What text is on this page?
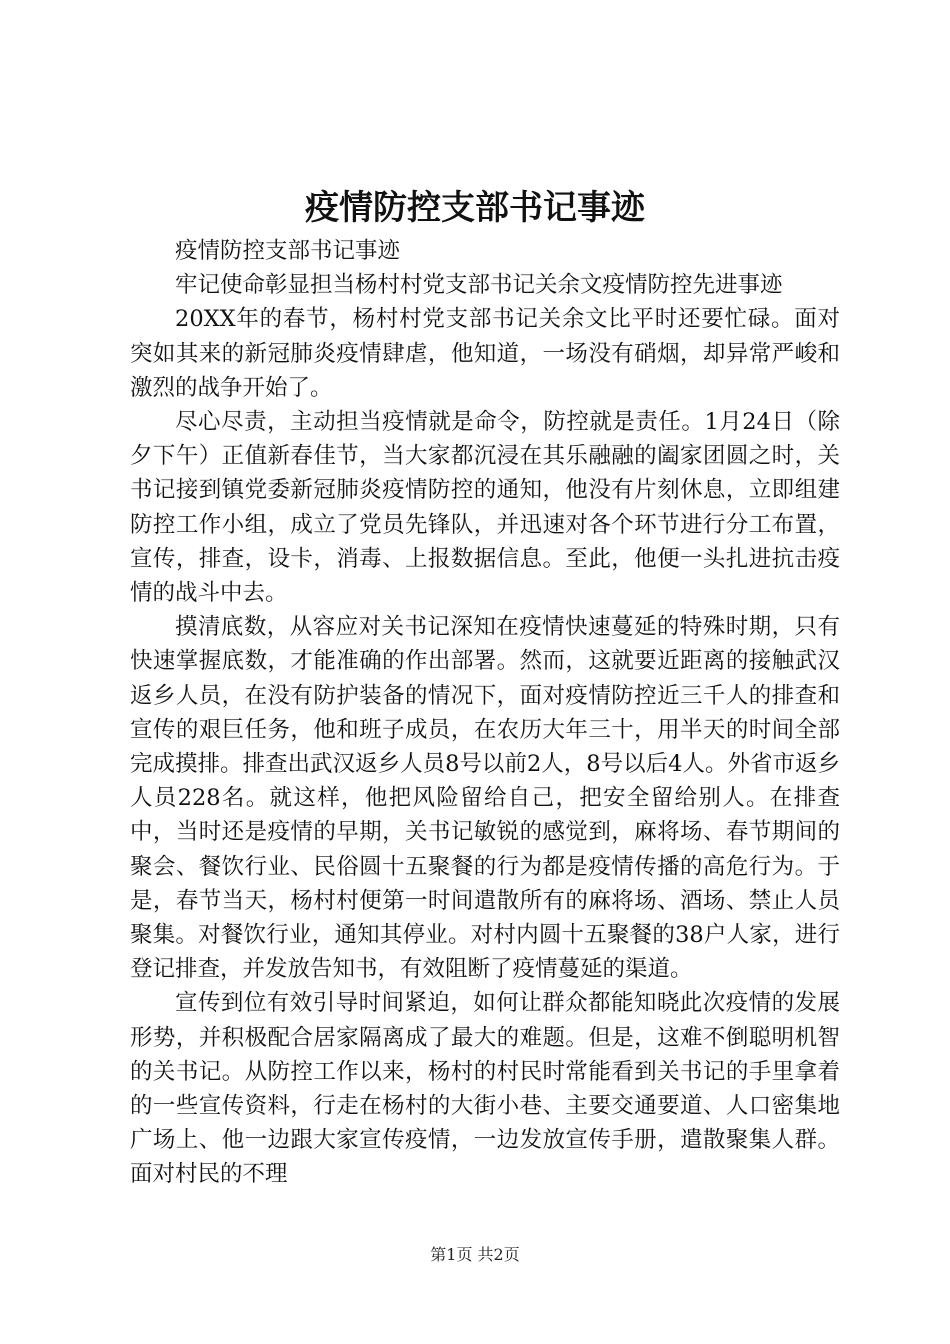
疫情防控支部书记事迹

疫情防控支部书记事迹

牢记使命彰显担当杨村村党支部书记关余文疫情防控先进事迹

20XX年的春节，杨村村党支部书记关余文比平时还要忙碌。面对突如其来的新冠肺炎疫情肆虐，他知道，一场没有硝烟，却异常严峻和激烈的战争开始了。

尽心尽责，主动担当疫情就是命令，防控就是责任。1月24日（除夕下午）正值新春佳节，当大家都沉浸在其乐融融的阖家团圆之时，关书记接到镇党委新冠肺炎疫情防控的通知，他没有片刻休息，立即组建防控工作小组，成立了党员先锋队，并迅速对各个环节进行分工布置，宣传，排查，设卡，消毒、上报数据信息。至此，他便一头扎进抗击疫情的战斗中去。

摸清底数，从容应对关书记深知在疫情快速蔓延的特殊时期，只有快速掌握底数，才能准确的作出部署。然而，这就要近距离的接触武汉返乡人员，在没有防护装备的情况下，面对疫情防控近三千人的排查和宣传的艰巨任务，他和班子成员，在农历大年三十，用半天的时间全部完成摸排。排查出武汉返乡人员8号以前2人，8号以后4人。外省市返乡人员228名。就这样，他把风险留给自己，把安全留给别人。在排查中，当时还是疫情的早期，关书记敏锐的感觉到，麻将场、春节期间的聚会、餐饮行业、民俗圆十五聚餐的行为都是疫情传播的高危行为。于是，春节当天，杨村村便第一时间遣散所有的麻将场、酒场、禁止人员聚集。对餐饮行业，通知其停业。对村内圆十五聚餐的38户人家，进行登记排查，并发放告知书，有效阻断了疫情蔓延的渠道。

宣传到位有效引导时间紧迫，如何让群众都能知晓此次疫情的发展形势，并积极配合居家隔离成了最大的难题。但是，这难不倒聪明机智的关书记。从防控工作以来，杨村的村民时常能看到关书记的手里拿着的一些宣传资料，行走在杨村的大街小巷、主要交通要道、人口密集地广场上、他一边跟大家宣传疫情，一边发放宣传手册，遣散聚集人群。面对村民的不理

第1页 共2页
